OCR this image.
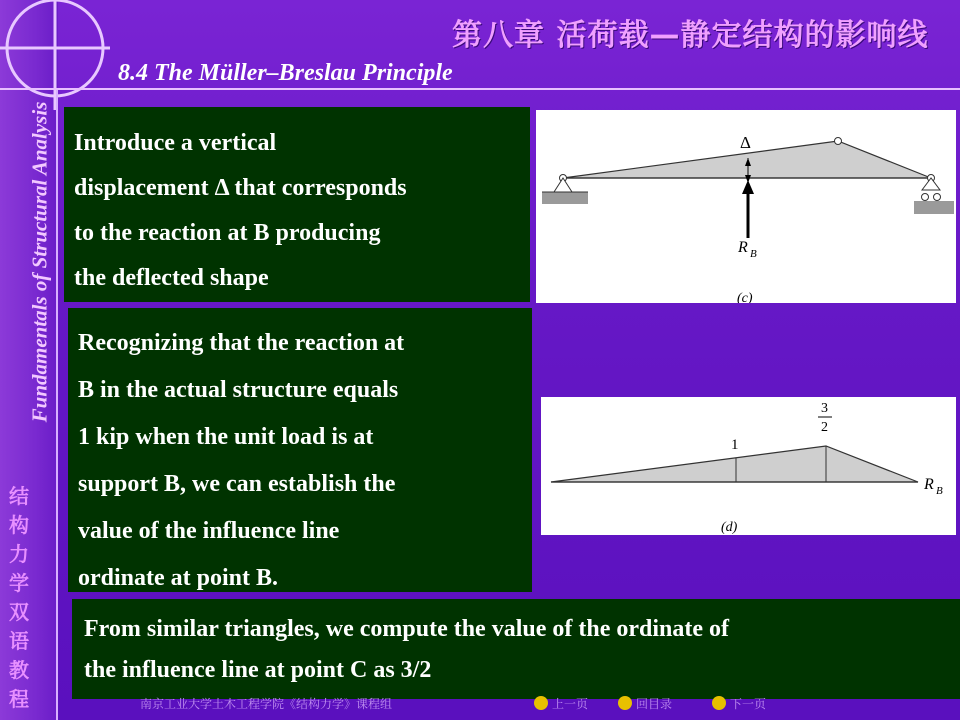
第八章 活荷载—静定结构的影响线
8.4 The Müller–Breslau Principle
Fundamentals of Structural Analysis
结
构
力
学
双
语
教
程
Introduce a vertical
displacement Δ that corresponds
to the reaction at B producing
the deflected shape
Recognizing that the reaction at
B in the actual structure equals
1 kip when the unit load is at
support B, we can establish the
value of the influence line
ordinate at point B.
From similar triangles, we compute the value of the ordinate of
the influence line at point C as 3/2
Δ
R B
(c)
1
3
2
R B
(d)
南京工业大学土木工程学院《结构力学》课程组	上一页	回目录	下一页
